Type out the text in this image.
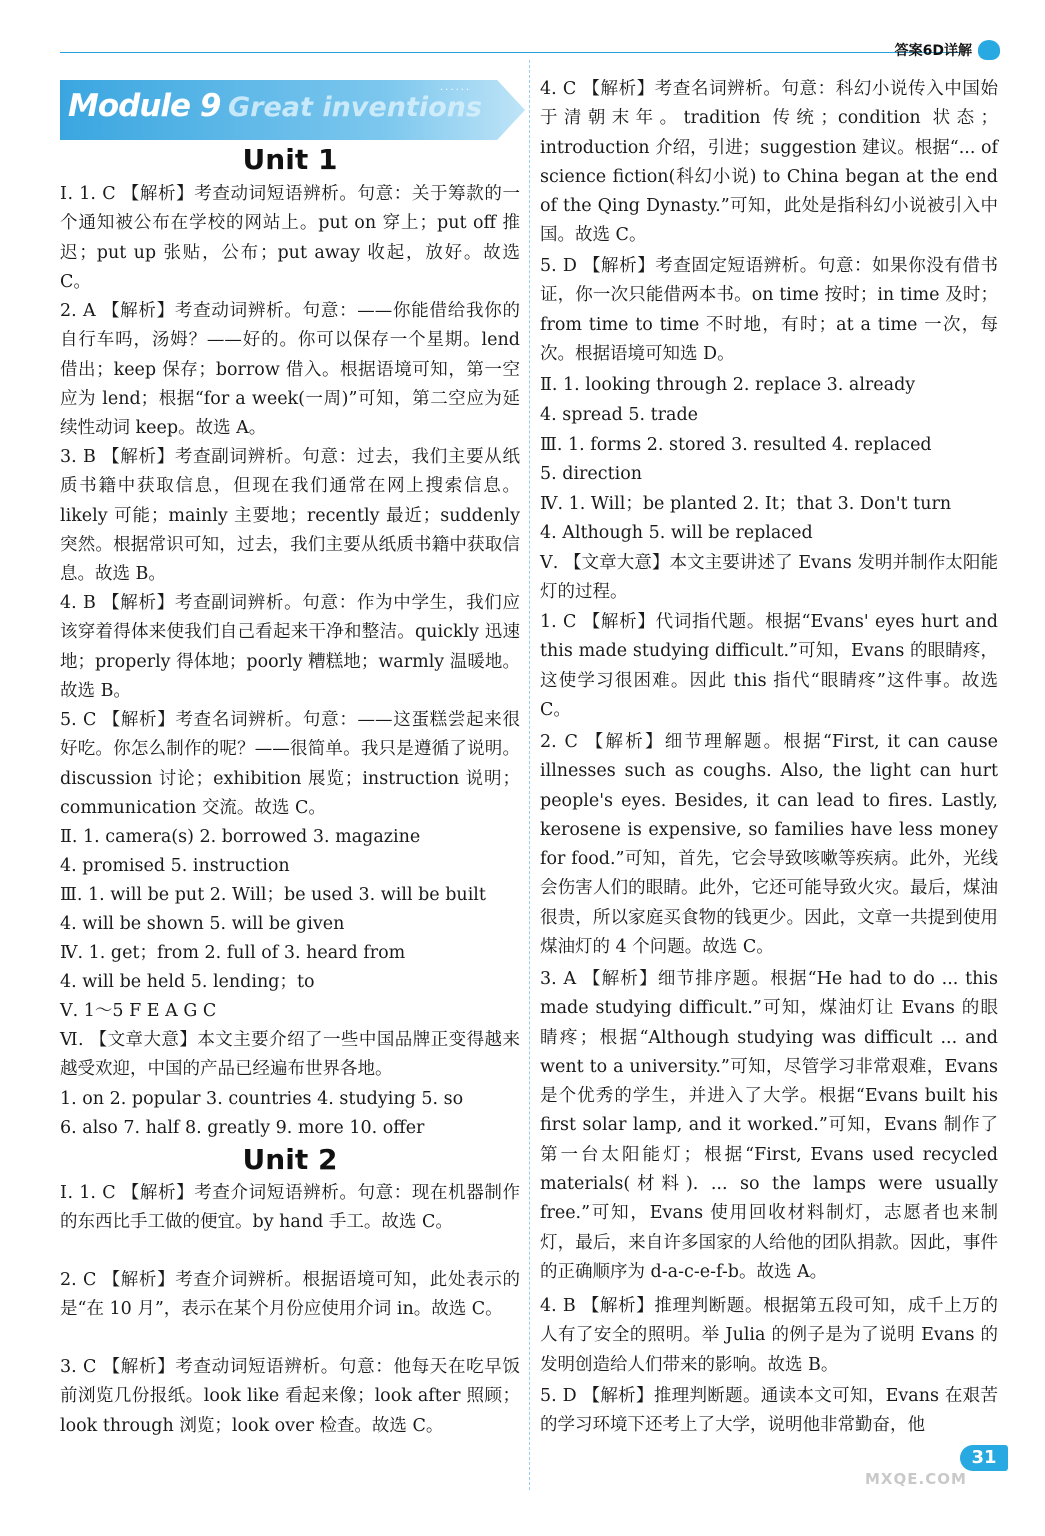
答案6D详解
Module 9 Great inventions
......
Unit 1
Ⅰ. 1. C 【解析】考查动词短语辨析。句意：关于筹款的一个通知被公布在学校的网站上。put on 穿上；put off 推迟；put up 张贴，公布；put away 收起，放好。故选 C。
2. A 【解析】考查动词辨析。句意：——你能借给我你的自行车吗，汤姆？——好的。你可以保存一个星期。lend 借出；keep 保存；borrow 借入。根据语境可知，第一空应为 lend；根据“for a week(一周)”可知，第二空应为延续性动词 keep。故选 A。
3. B 【解析】考查副词辨析。句意：过去，我们主要从纸质书籍中获取信息，但现在我们通常在网上搜索信息。likely 可能；mainly 主要地；recently 最近；suddenly 突然。根据常识可知，过去，我们主要从纸质书籍中获取信息。故选 B。
4. B 【解析】考查副词辨析。句意：作为中学生，我们应该穿着得体来使我们自己看起来干净和整洁。quickly 迅速地；properly 得体地；poorly 糟糕地；warmly 温暖地。故选 B。
5. C 【解析】考查名词辨析。句意：——这蛋糕尝起来很好吃。你怎么制作的呢？——很简单。我只是遵循了说明。discussion 讨论；exhibition 展览；instruction 说明；communication 交流。故选 C。
Ⅱ. 1. camera(s) 2. borrowed 3. magazine
4. promised 5. instruction
Ⅲ. 1. will be put 2. Will；be used 3. will be built
4. will be shown 5. will be given
Ⅳ. 1. get；from 2. full of 3. heard from
4. will be held 5. lending；to
Ⅴ. 1～5 F E A G C
Ⅵ. 【文章大意】本文主要介绍了一些中国品牌正变得越来越受欢迎，中国的产品已经遍布世界各地。
1. on 2. popular 3. countries 4. studying 5. so
6. also 7. half 8. greatly 9. more 10. offer
Unit 2
Ⅰ. 1. C 【解析】考查介词短语辨析。句意：现在机器制作的东西比手工做的便宜。by hand 手工。故选 C。
2. C 【解析】考查介词辨析。根据语境可知，此处表示的是“在 10 月”，表示在某个月份应使用介词 in。故选 C。
3. C 【解析】考查动词短语辨析。句意：他每天在吃早饭前浏览几份报纸。look like 看起来像；look after 照顾；look through 浏览；look over 检查。故选 C。
4. C 【解析】考查名词辨析。句意：科幻小说传入中国始于清朝末年。tradition 传统；condition 状态；introduction 介绍，引进；suggestion 建议。根据“... of science fiction(科幻小说) to China began at the end of the Qing Dynasty.”可知，此处是指科幻小说被引入中国。故选 C。
5. D 【解析】考查固定短语辨析。句意：如果你没有借书证，你一次只能借两本书。on time 按时；in time 及时；from time to time 不时地，有时；at a time 一次，每次。根据语境可知选 D。
Ⅱ. 1. looking through 2. replace 3. already
4. spread 5. trade
Ⅲ. 1. forms 2. stored 3. resulted 4. replaced
5. direction
Ⅳ. 1. Will；be planted 2. It；that 3. Don't turn
4. Although 5. will be replaced
Ⅴ. 【文章大意】本文主要讲述了 Evans 发明并制作太阳能灯的过程。
1. C 【解析】代词指代题。根据“Evans' eyes hurt and this made studying difficult.”可知，Evans 的眼睛疼，这使学习很困难。因此 this 指代“眼睛疼”这件事。故选 C。
2. C 【解析】细节理解题。根据“First, it can cause illnesses such as coughs. Also, the light can hurt people's eyes. Besides, it can lead to fires. Lastly, kerosene is expensive, so families have less money for food.”可知，首先，它会导致咳嗽等疾病。此外，光线会伤害人们的眼睛。此外，它还可能导致火灾。最后，煤油很贵，所以家庭买食物的钱更少。因此，文章一共提到使用煤油灯的 4 个问题。故选 C。
3. A 【解析】细节排序题。根据“He had to do ... this made studying difficult.”可知，煤油灯让 Evans 的眼睛疼；根据“Although studying was difficult ... and went to a university.”可知，尽管学习非常艰难，Evans 是个优秀的学生，并进入了大学。根据“Evans built his first solar lamp, and it worked.”可知，Evans 制作了第一台太阳能灯；根据“First, Evans used recycled materials(材料). ... so the lamps were usually free.”可知，Evans 使用回收材料制灯，志愿者也来制灯，最后，来自许多国家的人给他的团队捐款。因此，事件的正确顺序为 d-a-c-e-f-b。故选 A。
4. B 【解析】推理判断题。根据第五段可知，成千上万的人有了安全的照明。举 Julia 的例子是为了说明 Evans 的发明创造给人们带来的影响。故选 B。
5. D 【解析】推理判断题。通读本文可知，Evans 在艰苦的学习环境下还考上了大学，说明他非常勤奋，他
31
MXQE.COM
